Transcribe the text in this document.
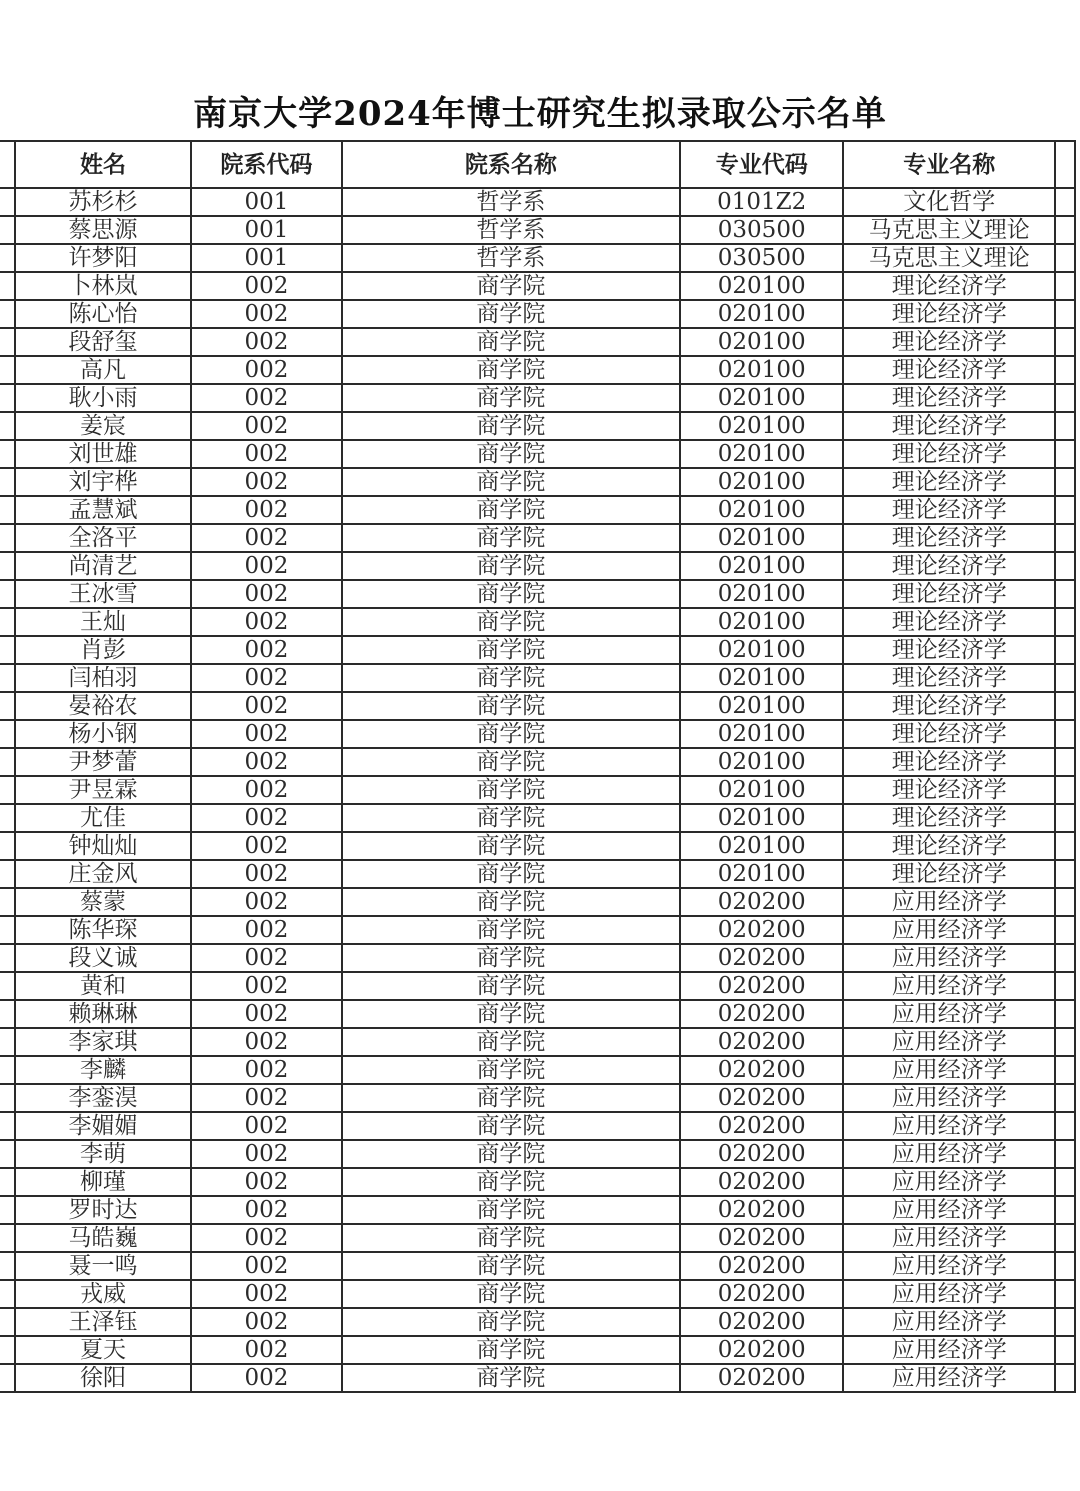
南京大学2024年博士研究生拟录取公示名单
	姓名	院系代码	院系名称	专业代码	专业名称	
	苏杉杉	001	哲学系	0101Z2	文化哲学	
	蔡思源	001	哲学系	030500	马克思主义理论	
	许梦阳	001	哲学系	030500	马克思主义理论	
	卜林岚	002	商学院	020100	理论经济学	
	陈心怡	002	商学院	020100	理论经济学	
	段舒玺	002	商学院	020100	理论经济学	
	高凡	002	商学院	020100	理论经济学	
	耿小雨	002	商学院	020100	理论经济学	
	姜宸	002	商学院	020100	理论经济学	
	刘世雄	002	商学院	020100	理论经济学	
	刘宇桦	002	商学院	020100	理论经济学	
	孟慧斌	002	商学院	020100	理论经济学	
	全洛平	002	商学院	020100	理论经济学	
	尚清艺	002	商学院	020100	理论经济学	
	王冰雪	002	商学院	020100	理论经济学	
	王灿	002	商学院	020100	理论经济学	
	肖彭	002	商学院	020100	理论经济学	
	闫柏羽	002	商学院	020100	理论经济学	
	晏裕农	002	商学院	020100	理论经济学	
	杨小钢	002	商学院	020100	理论经济学	
	尹梦蕾	002	商学院	020100	理论经济学	
	尹昱霖	002	商学院	020100	理论经济学	
	尤佳	002	商学院	020100	理论经济学	
	钟灿灿	002	商学院	020100	理论经济学	
	庄金风	002	商学院	020100	理论经济学	
	蔡蒙	002	商学院	020200	应用经济学	
	陈华琛	002	商学院	020200	应用经济学	
	段义诚	002	商学院	020200	应用经济学	
	黄和	002	商学院	020200	应用经济学	
	赖琳琳	002	商学院	020200	应用经济学	
	李家琪	002	商学院	020200	应用经济学	
	李麟	002	商学院	020200	应用经济学	
	李銮淏	002	商学院	020200	应用经济学	
	李媚媚	002	商学院	020200	应用经济学	
	李萌	002	商学院	020200	应用经济学	
	柳瑾	002	商学院	020200	应用经济学	
	罗时达	002	商学院	020200	应用经济学	
	马皓巍	002	商学院	020200	应用经济学	
	聂一鸣	002	商学院	020200	应用经济学	
	戎威	002	商学院	020200	应用经济学	
	王泽钰	002	商学院	020200	应用经济学	
	夏天	002	商学院	020200	应用经济学	
	徐阳	002	商学院	020200	应用经济学	
